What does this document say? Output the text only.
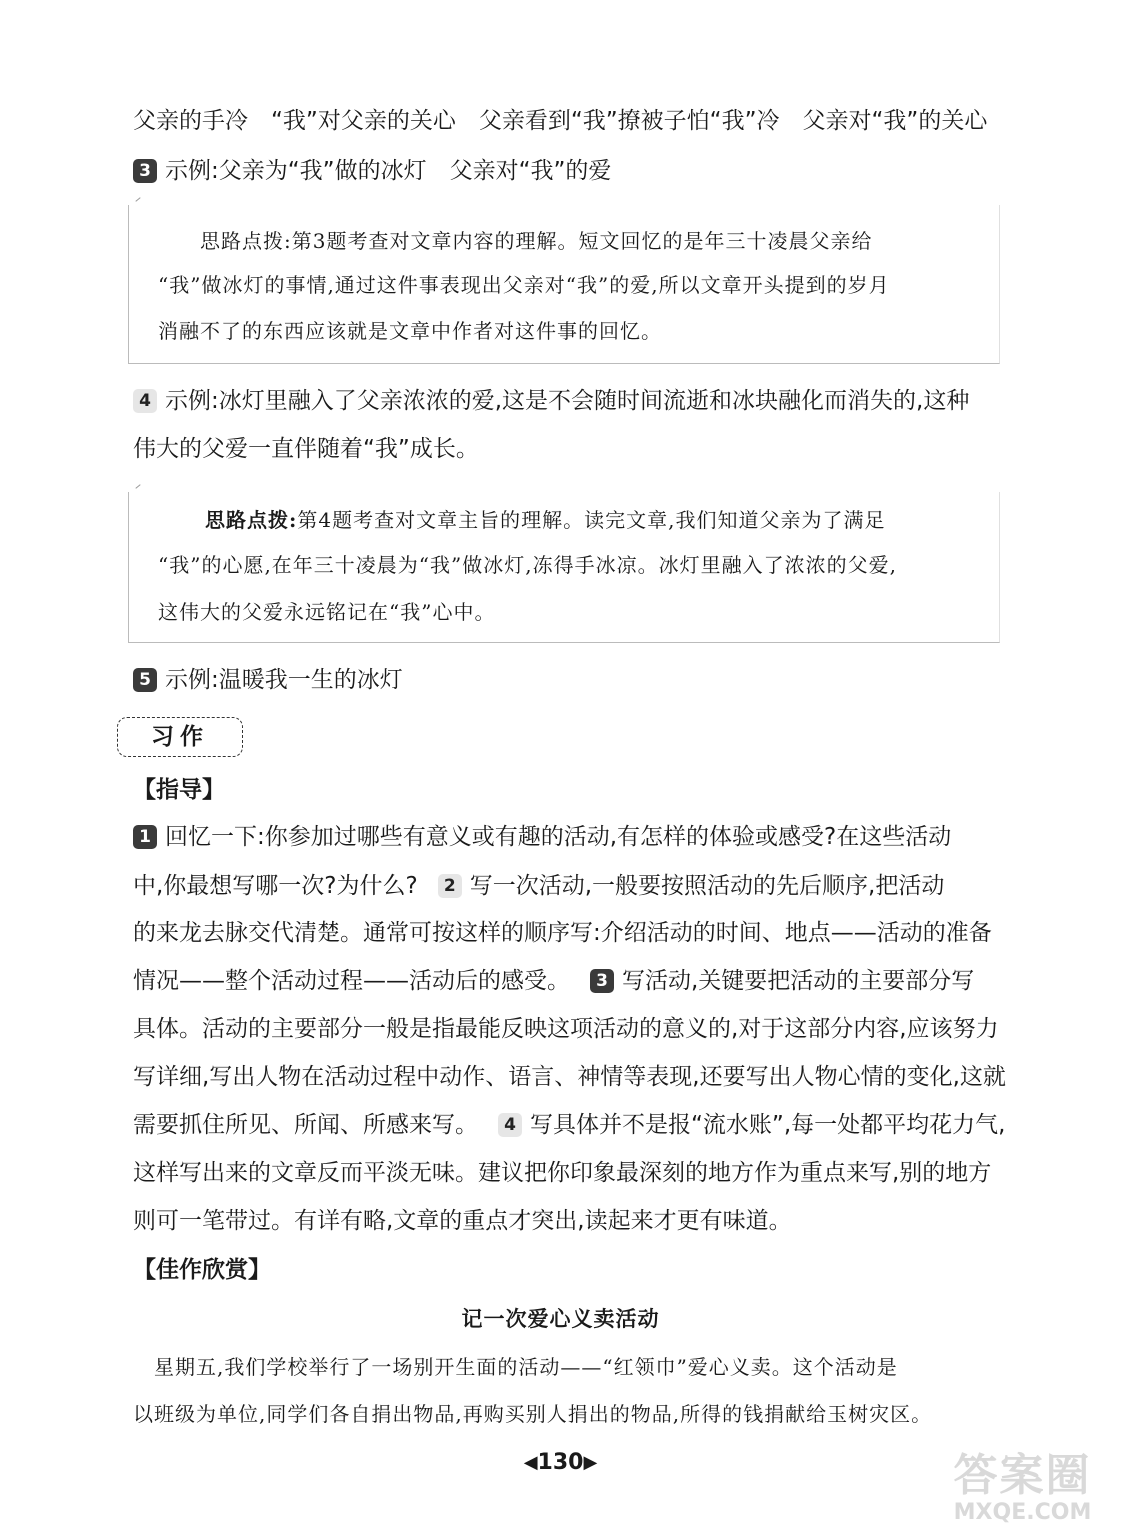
父亲的手冷　“我”对父亲的关心　父亲看到“我”撩被子怕“我”冷　父亲对“我”的关心
3 示例:父亲为“我”做的冰灯　父亲对“我”的爱
思路点拨:第3题考查对文章内容的理解。短文回忆的是年三十凌晨父亲给
“我”做冰灯的事情,通过这件事表现出父亲对“我”的爱,所以文章开头提到的岁月
消融不了的东西应该就是文章中作者对这件事的回忆。
4 示例:冰灯里融入了父亲浓浓的爱,这是不会随时间流逝和冰块融化而消失的,这种
伟大的父爱一直伴随着“我”成长。
思路点拨:第4题考查对文章主旨的理解。读完文章,我们知道父亲为了满足
“我”的心愿,在年三十凌晨为“我”做冰灯,冻得手冰凉。冰灯里融入了浓浓的父爱,
这伟大的父爱永远铭记在“我”心中。
5 示例:温暖我一生的冰灯
习作
【指导】
1 回忆一下:你参加过哪些有意义或有趣的活动,有怎样的体验或感受?在这些活动
中,你最想写哪一次?为什么? 2 写一次活动,一般要按照活动的先后顺序,把活动
的来龙去脉交代清楚。通常可按这样的顺序写:介绍活动的时间、地点——活动的准备
情况——整个活动过程——活动后的感受。 3 写活动,关键要把活动的主要部分写
具体。活动的主要部分一般是指最能反映这项活动的意义的,对于这部分内容,应该努力
写详细,写出人物在活动过程中动作、语言、神情等表现,还要写出人物心情的变化,这就
需要抓住所见、所闻、所感来写。 4 写具体并不是报“流水账”,每一处都平均花力气,
这样写出来的文章反而平淡无味。建议把你印象最深刻的地方作为重点来写,别的地方
则可一笔带过。有详有略,文章的重点才突出,读起来才更有味道。
【佳作欣赏】
记一次爱心义卖活动
　星期五,我们学校举行了一场别开生面的活动——“红领巾”爱心义卖。这个活动是
以班级为单位,同学们各自捐出物品,再购买别人捐出的物品,所得的钱捐献给玉树灾区。
◀130▶	答案圈
MXQE.COM
